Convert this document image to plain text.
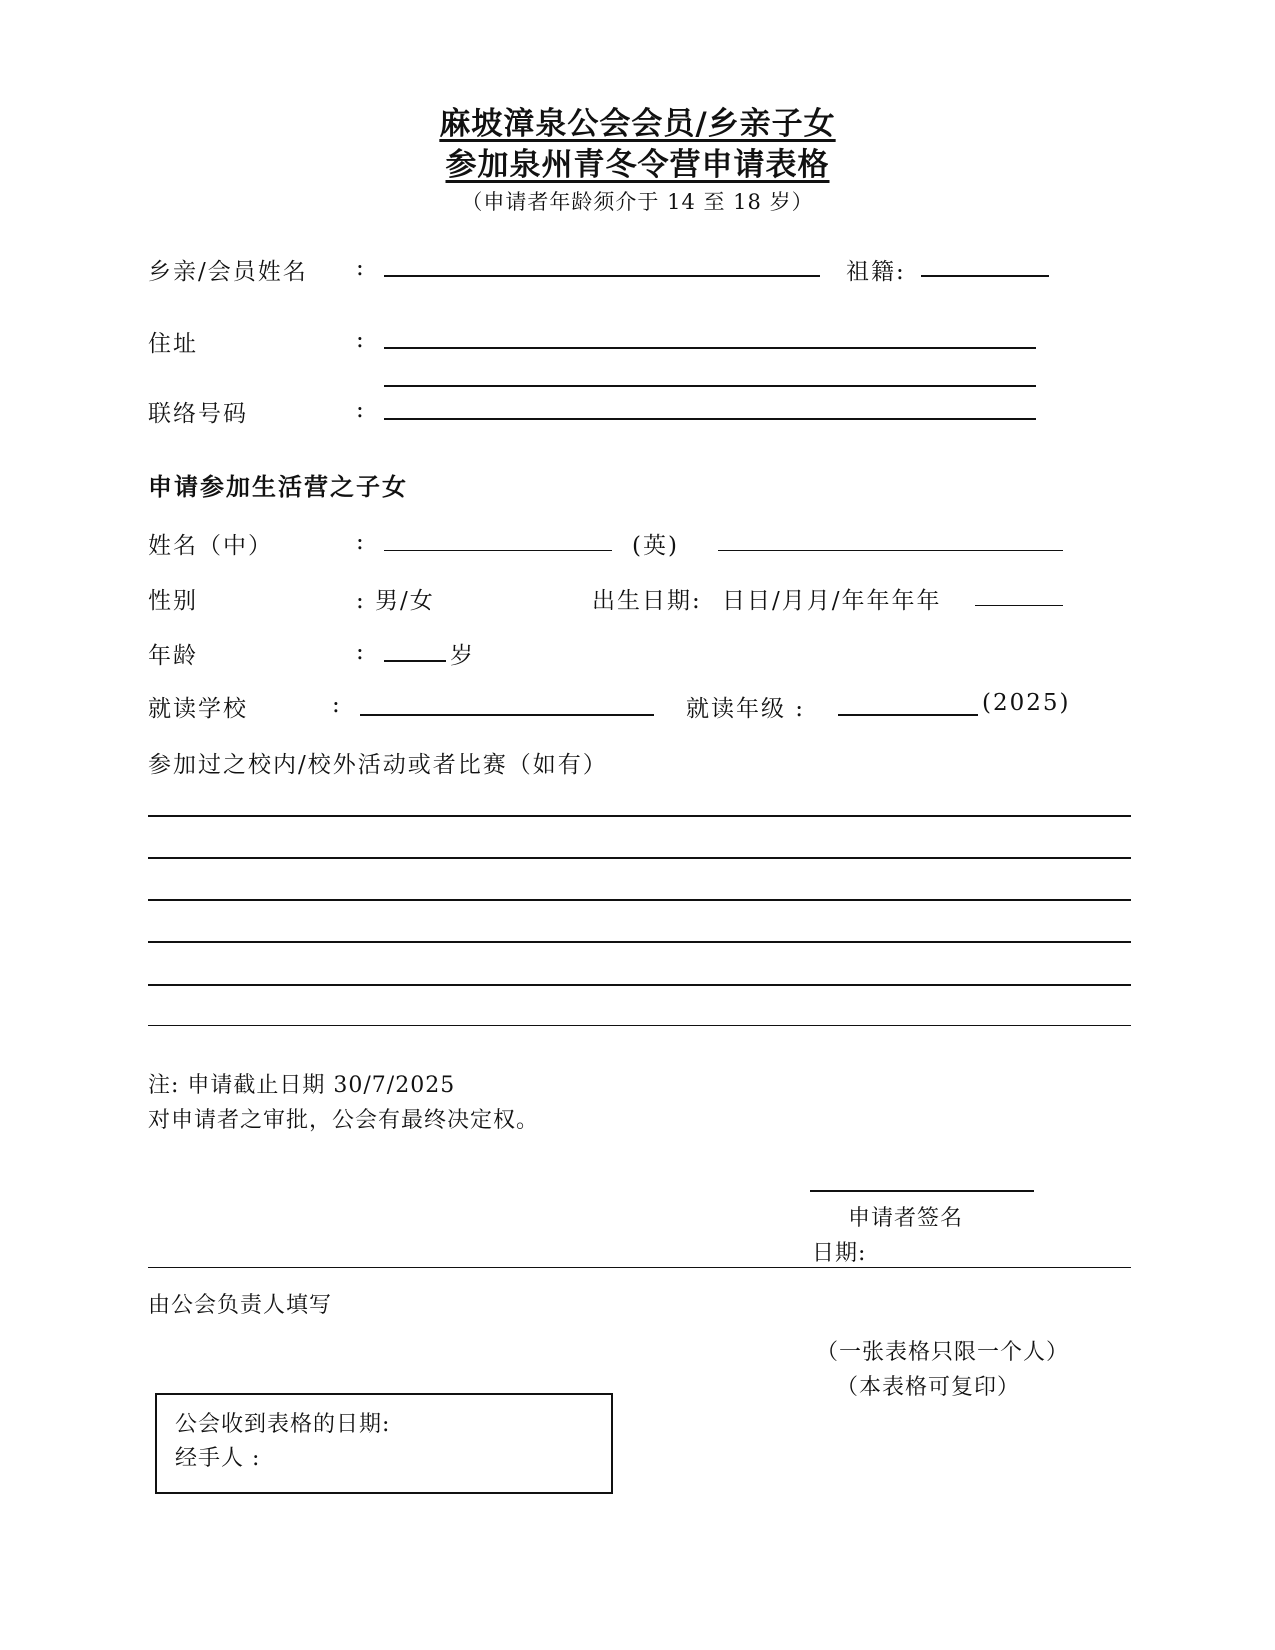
麻坡漳泉公会会员/乡亲子女
参加泉州青冬令营申请表格
（申请者年龄须介于 14 至 18 岁）
乡亲/会员姓名 :	祖籍:
住址	:
联络号码	:
申请参加生活营之子女
姓名（中）	:	(英)
性别	: 男/女	出生日期: 日日/月月/年年年年
年龄	:	岁
就读学校	:	就读年级 :	(2025)
参加过之校内/校外活动或者比赛（如有）
注: 申请截止日期 30/7/2025
对申请者之审批，公会有最终决定权。
申请者签名
日期:
由公会负责人填写
公会收到表格的日期:
经手人 :
（一张表格只限一个人）
（本表格可复印）
